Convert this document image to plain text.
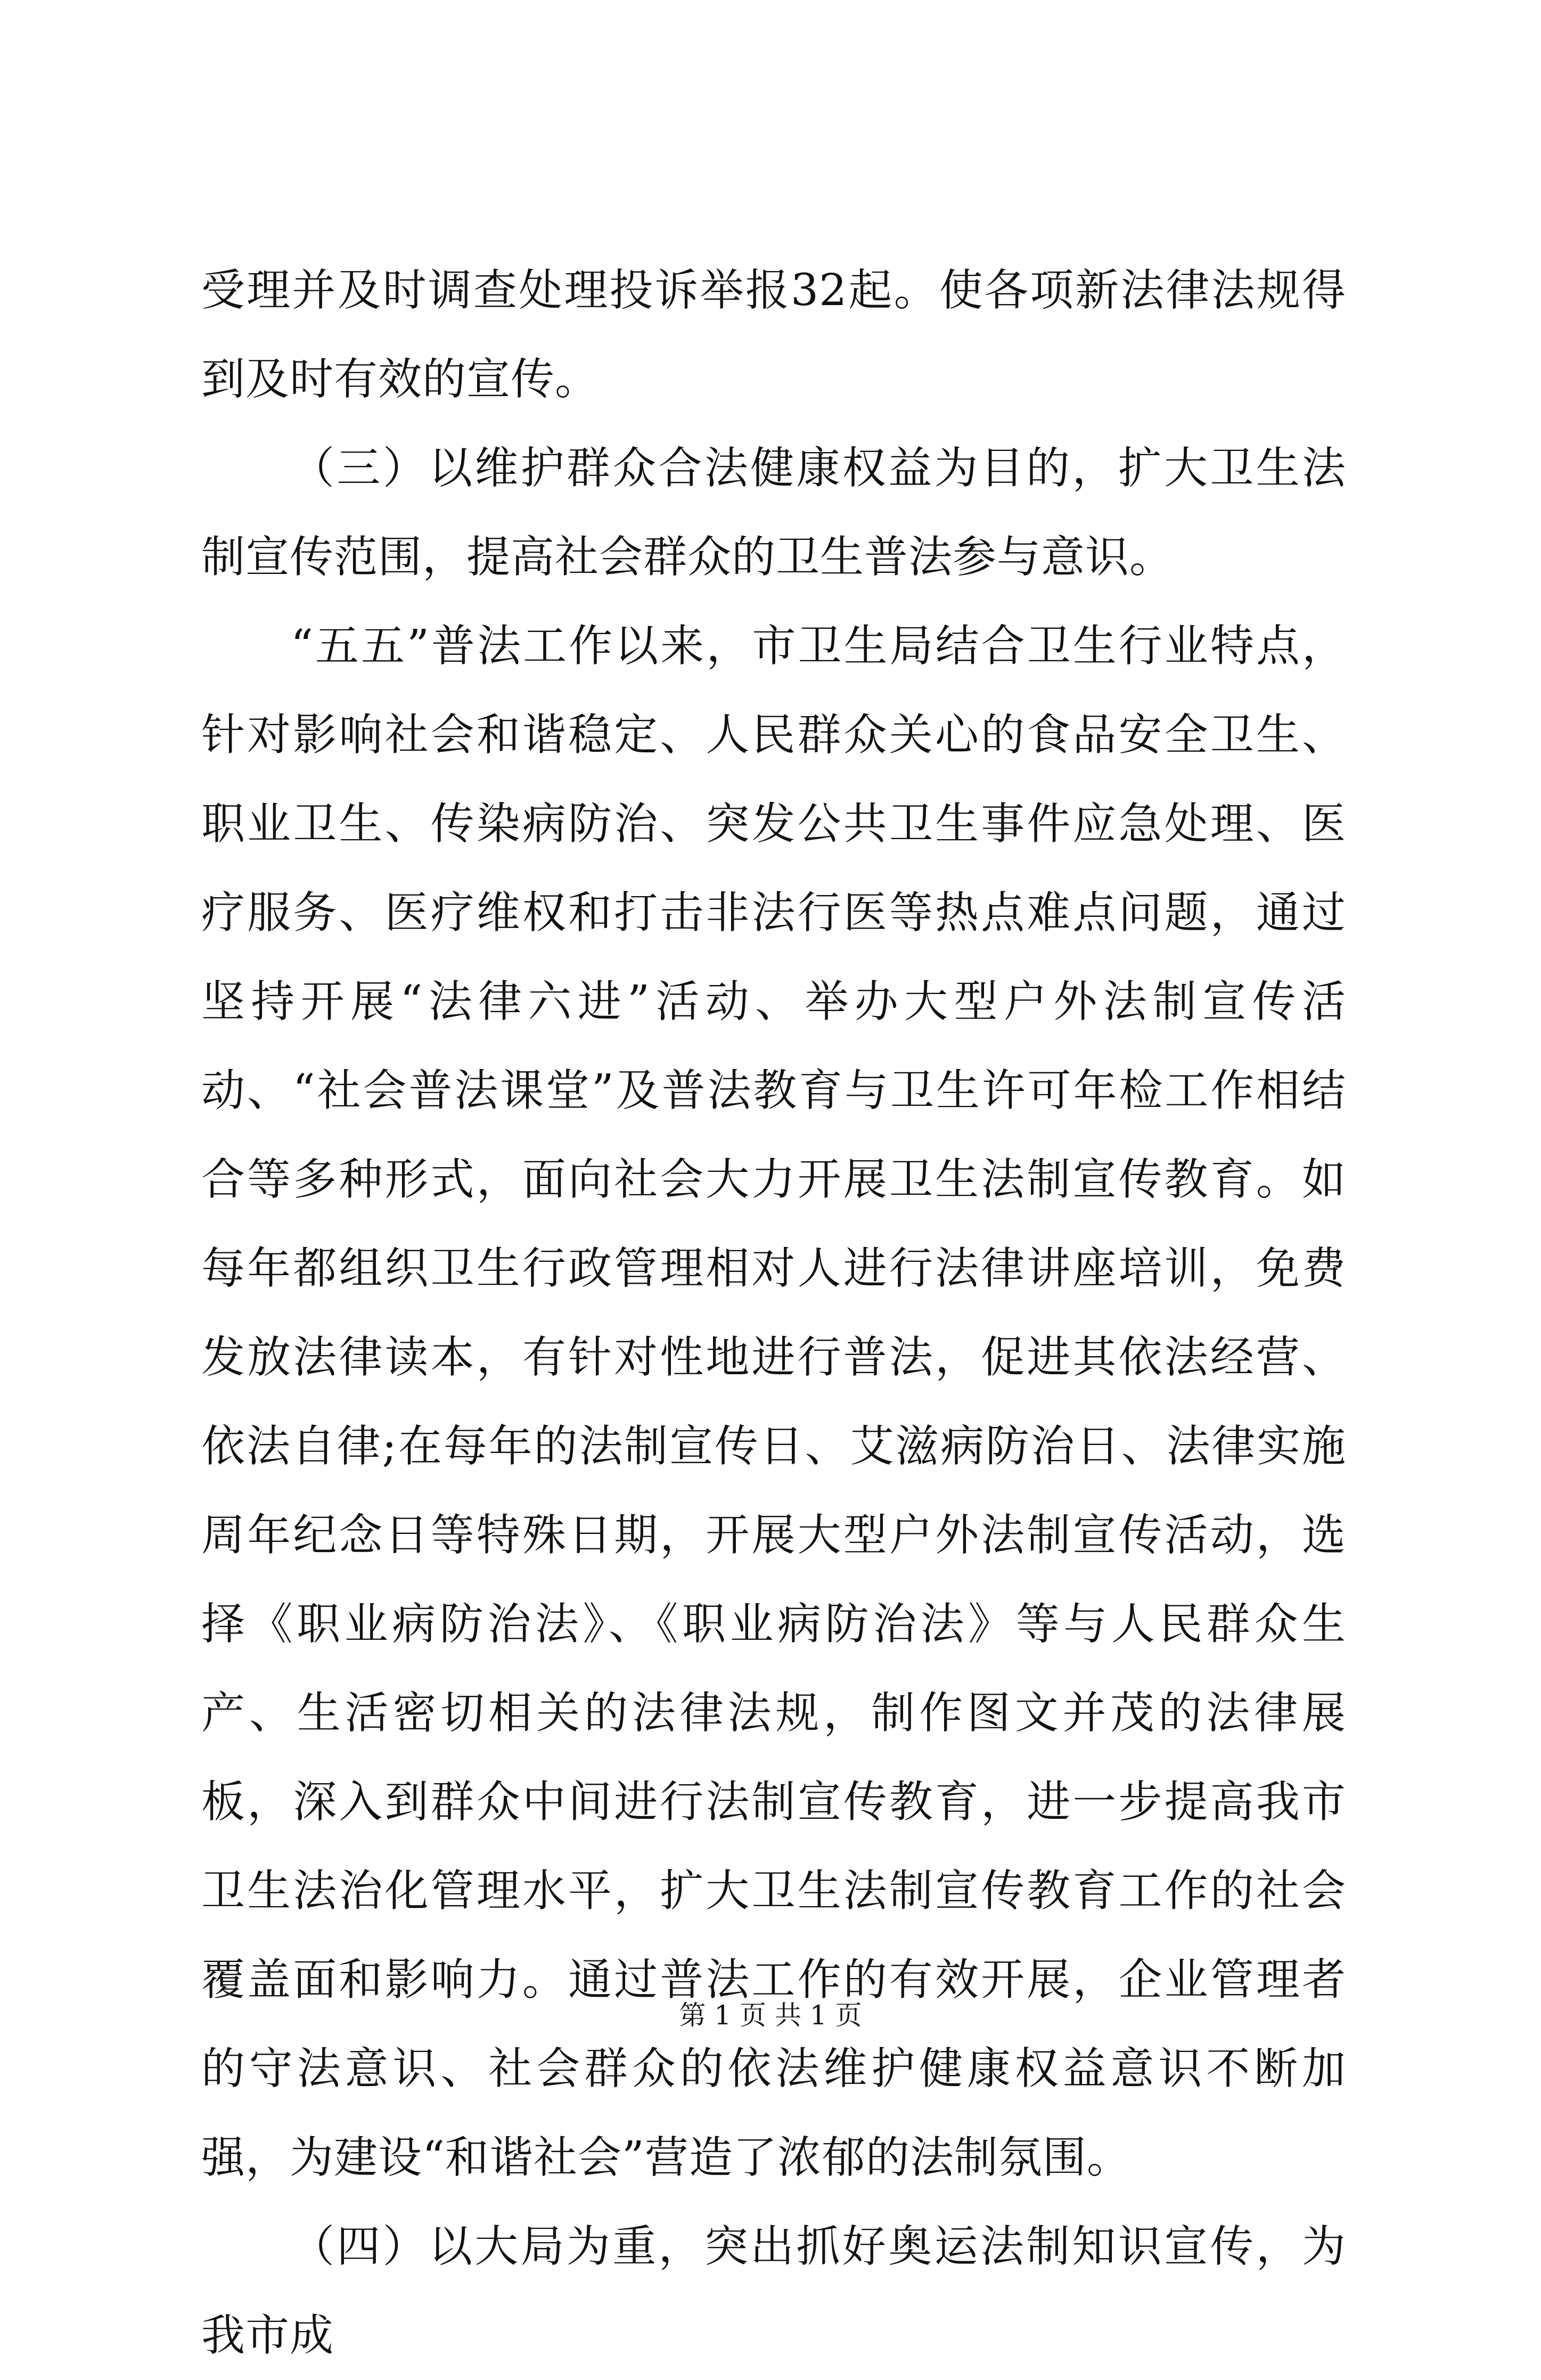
受理并及时调查处理投诉举报32起。使各项新法律法规得到及时有效的宣传。

（三）以维护群众合法健康权益为目的，扩大卫生法制宣传范围，提高社会群众的卫生普法参与意识。

“五五”普法工作以来，市卫生局结合卫生行业特点，针对影响社会和谐稳定、人民群众关心的食品安全卫生、职业卫生、传染病防治、突发公共卫生事件应急处理、医疗服务、医疗维权和打击非法行医等热点难点问题，通过坚持开展“法律六进”活动、举办大型户外法制宣传活动、“社会普法课堂”及普法教育与卫生许可年检工作相结合等多种形式，面向社会大力开展卫生法制宣传教育。如每年都组织卫生行政管理相对人进行法律讲座培训，免费发放法律读本，有针对性地进行普法，促进其依法经营、依法自律;在每年的法制宣传日、艾滋病防治日、法律实施周年纪念日等特殊日期，开展大型户外法制宣传活动，选择《职业病防治法》、《职业病防治法》等与人民群众生产、生活密切相关的法律法规，制作图文并茂的法律展板，深入到群众中间进行法制宣传教育，进一步提高我市卫生法治化管理水平，扩大卫生法制宣传教育工作的社会覆盖面和影响力。通过普法工作的有效开展，企业管理者的守法意识、社会群众的依法维护健康权益意识不断加强，为建设“和谐社会”营造了浓郁的法制氛围。

（四）以大局为重，突出抓好奥运法制知识宣传，为我市成

第 1 页 共 1 页
